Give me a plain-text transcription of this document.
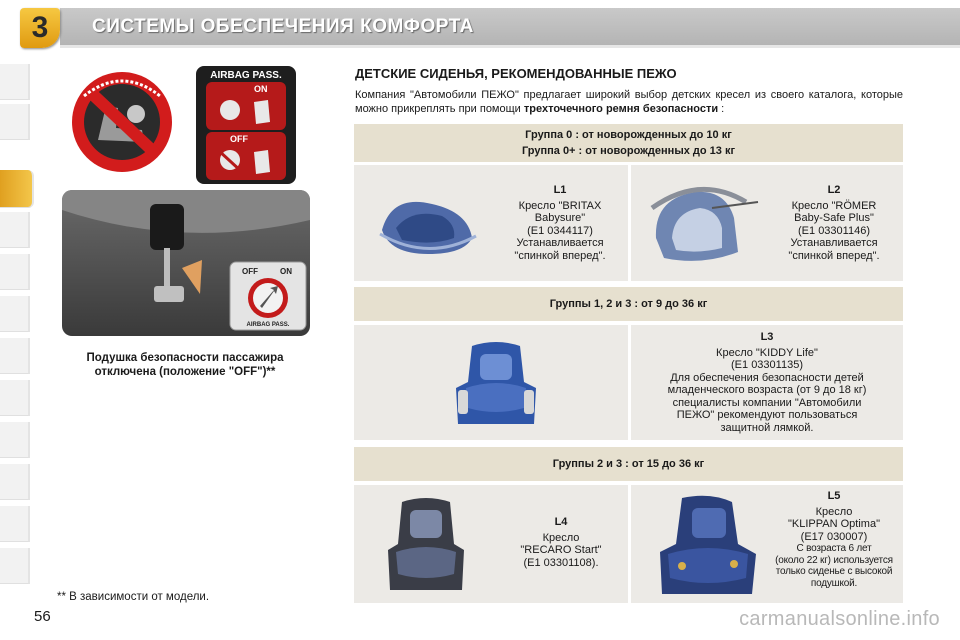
3	СИСТЕМЫ ОБЕСПЕЧЕНИЯ КОМФОРТА
AIRBAG PASS.
ON
OFF
OFF	ON
AIRBAG PASS.
Подушка безопасности пассажира отключена (положение "OFF")**
** В зависимости от модели.
56
ДЕТСКИЕ СИДЕНЬЯ, РЕКОМЕНДОВАННЫЕ ПЕЖО
Компания "Автомобили ПЕЖО" предлагает широкий выбор детских кресел из своего каталога, которые можно прикреплять при помощи трехточечного ремня безопасности :
Группа 0 : от новорожденных до 10 кг
Группа 0+ : от новорожденных до 13 кг
L1
Кресло "BRITAX
Babysure"
(E1 0344117)
Устанавливается
"спинкой вперед".
L2
Кресло "RÖMER
Baby-Safe Plus"
(E1 03301146)
Устанавливается
"спинкой вперед".
Группы 1, 2 и 3 : от 9 до 36 кг
L3
Кресло "KIDDY Life"
(E1 03301135)
Для обеспечения безопасности детей
младенческого возраста (от 9 до 18 кг)
специалисты компании "Автомобили
ПЕЖО" рекомендуют пользоваться
защитной лямкой.
Группы 2 и 3 : от 15 до 36 кг
L4
Кресло
"RECARO Start"
(E1 03301108).
L5
Кресло
"KLIPPAN Optima"
(E17 030007)
С возраста 6 лет
(около 22 кг) используется
только сиденье с высокой
подушкой.
carmanualsonline.info
